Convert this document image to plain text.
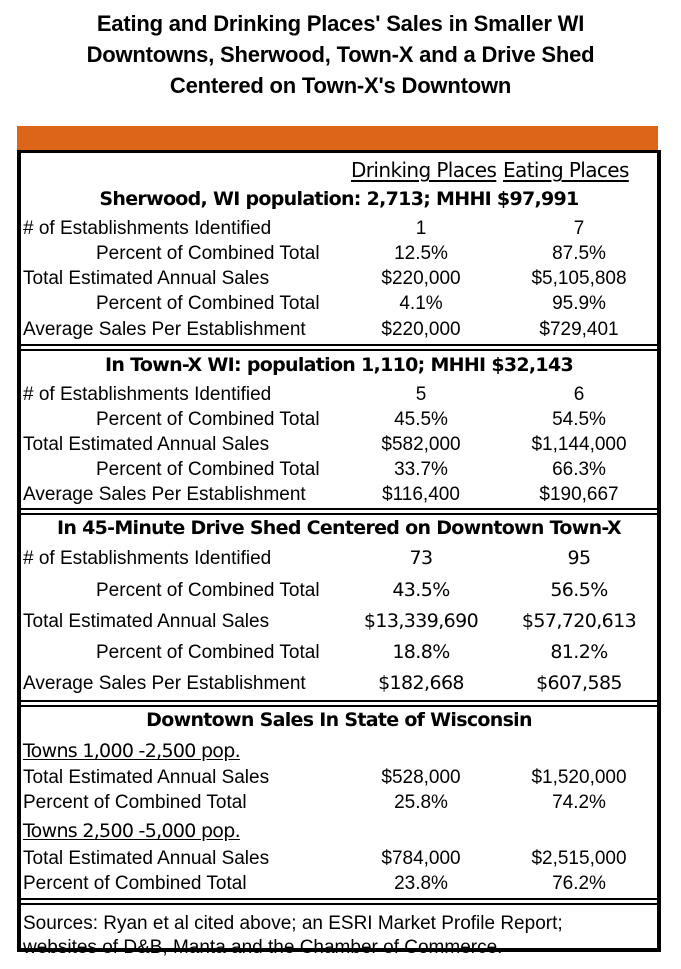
Eating and Drinking Places' Sales in Smaller WI
Downtowns, Sherwood, Town-X and a Drive Shed
Centered on Town-X's Downtown
Drinking Places Eating Places
Sherwood, WI population: 2,713; MHHI $97,991
# of Establishments Identified	1	7
Percent of Combined Total	12.5%	87.5%
Total Estimated Annual Sales	$220,000	$5,105,808
Percent of Combined Total	4.1%	95.9%
Average Sales Per Establishment	$220,000	$729,401
In Town-X WI: population 1,110; MHHI $32,143
# of Establishments Identified	5	6
Percent of Combined Total	45.5%	54.5%
Total Estimated Annual Sales	$582,000	$1,144,000
Percent of Combined Total	33.7%	66.3%
Average Sales Per Establishment	$116,400	$190,667
In 45-Minute Drive Shed Centered on Downtown Town-X
# of Establishments Identified	73	95
Percent of Combined Total	43.5%	56.5%
Total Estimated Annual Sales	$13,339,690	$57,720,613
Percent of Combined Total	18.8%	81.2%
Average Sales Per Establishment	$182,668	$607,585
Downtown Sales In State of Wisconsin
Towns 1,000 -2,500 pop.
Total Estimated Annual Sales	$528,000	$1,520,000
Percent of Combined Total	25.8%	74.2%
Towns 2,500 -5,000 pop.
Total Estimated Annual Sales	$784,000	$2,515,000
Percent of Combined Total	23.8%	76.2%
Sources: Ryan et al cited above; an ESRI Market Profile Report;
websites of D&B, Manta and the Chamber of Commerce.
